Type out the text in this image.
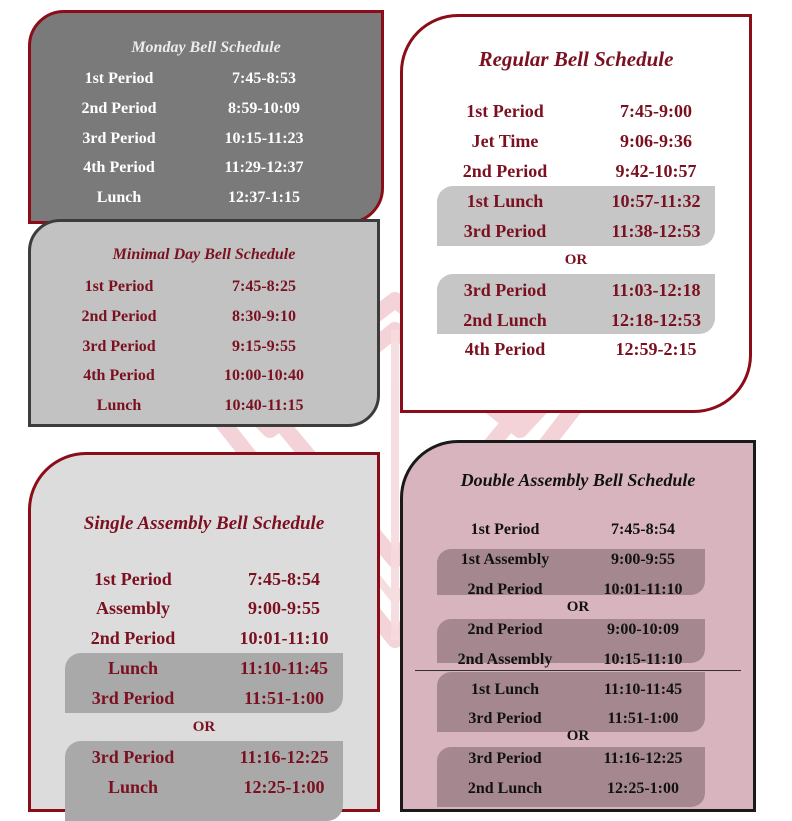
Monday Bell Schedule
1st Period	7:45-8:53
2nd Period	8:59-10:09
3rd Period	10:15-11:23
4th Period	11:29-12:37
Lunch	12:37-1:15
Minimal Day Bell Schedule
1st Period	7:45-8:25
2nd Period	8:30-9:10
3rd Period	9:15-9:55
4th Period	10:00-10:40
Lunch	10:40-11:15
Regular Bell Schedule
1st Period	7:45-9:00
Jet Time	9:06-9:36
2nd Period	9:42-10:57
1st Lunch	10:57-11:32
3rd Period	11:38-12:53
OR
3rd Period	11:03-12:18
2nd Lunch	12:18-12:53
4th Period	12:59-2:15
Single Assembly Bell Schedule
1st Period	7:45-8:54
Assembly	9:00-9:55
2nd Period	10:01-11:10
Lunch	11:10-11:45
3rd Period	11:51-1:00
OR
3rd Period	11:16-12:25
Lunch	12:25-1:00
Double Assembly Bell Schedule
1st Period	7:45-8:54
1st Assembly	9:00-9:55
2nd Period	10:01-11:10
OR
2nd Period	9:00-10:09
2nd Assembly	10:15-11:10
1st Lunch	11:10-11:45
3rd Period	11:51-1:00
OR
3rd Period	11:16-12:25
2nd Lunch	12:25-1:00
